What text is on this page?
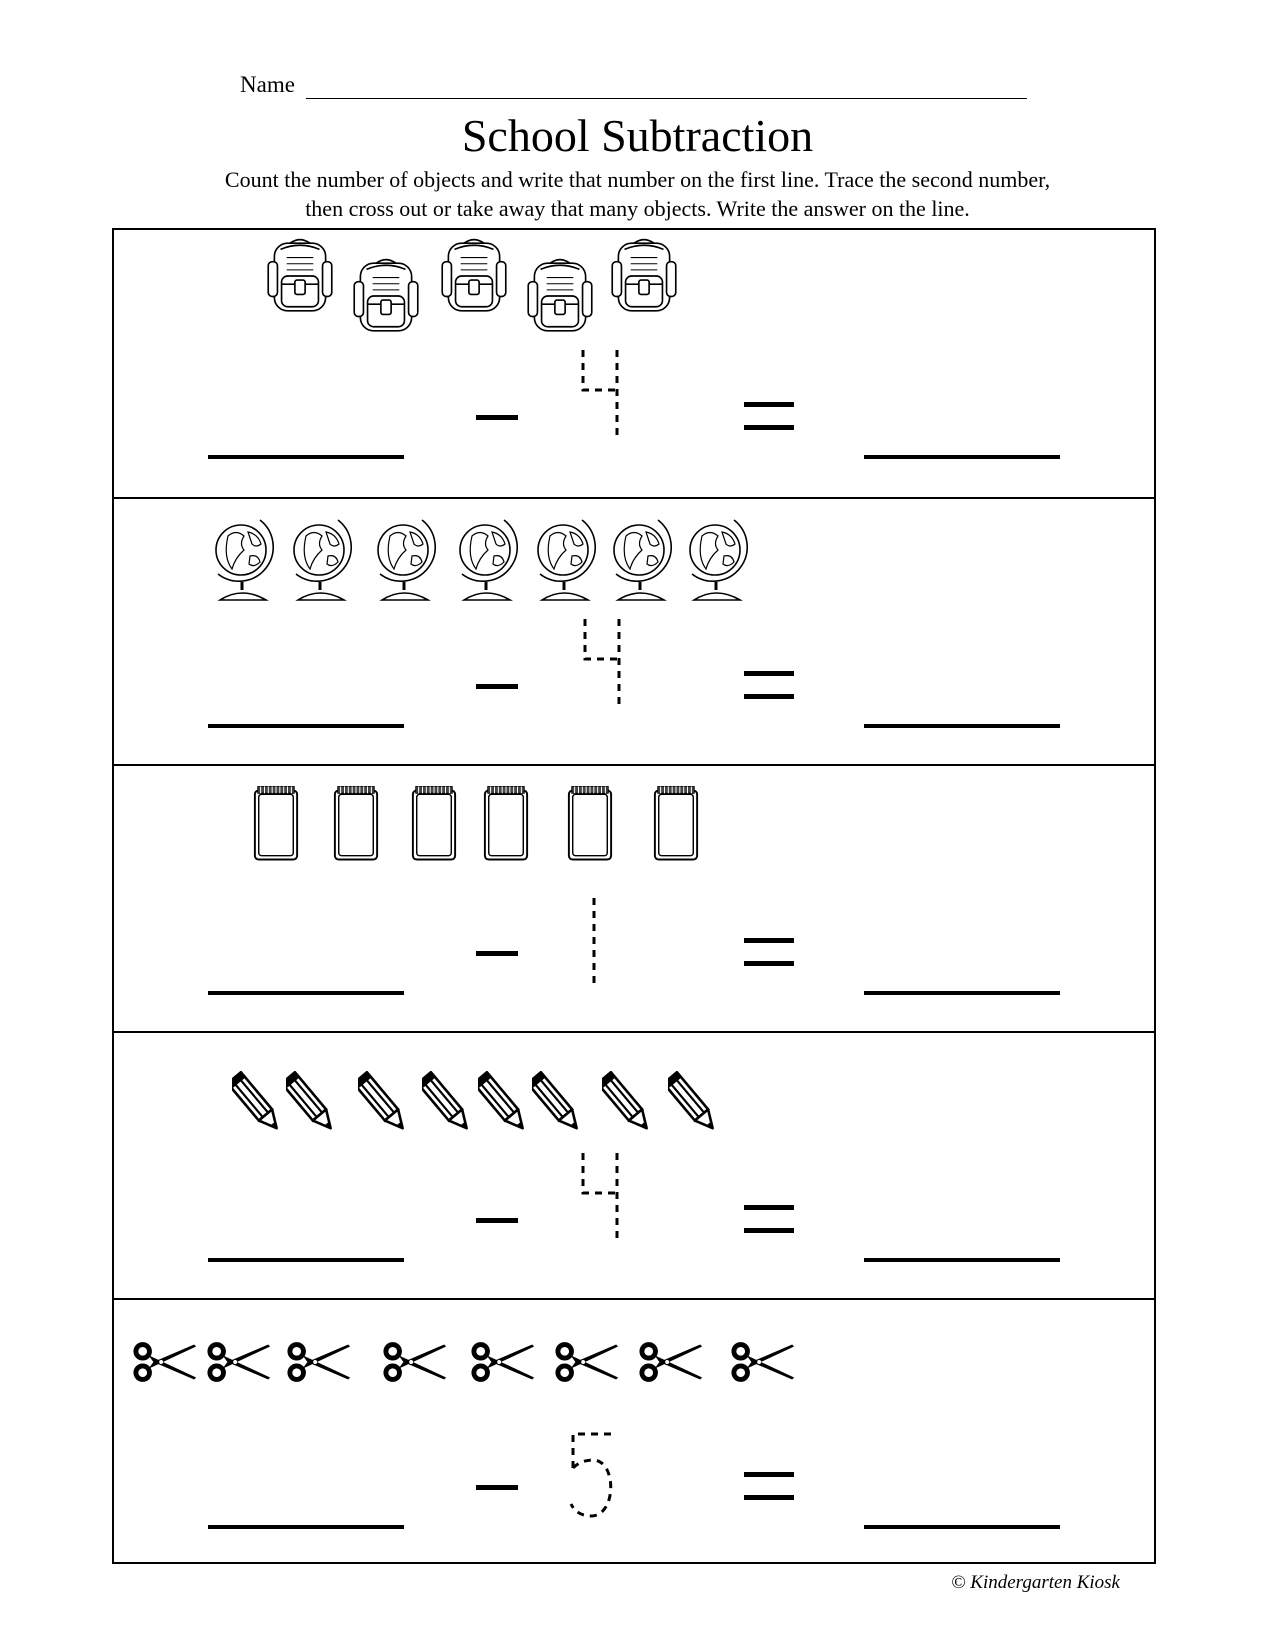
Name
School Subtraction
Count the number of objects and write that number on the first line. Trace the second number,
then cross out or take away that many objects. Write the answer on the line.
© Kindergarten Kiosk
